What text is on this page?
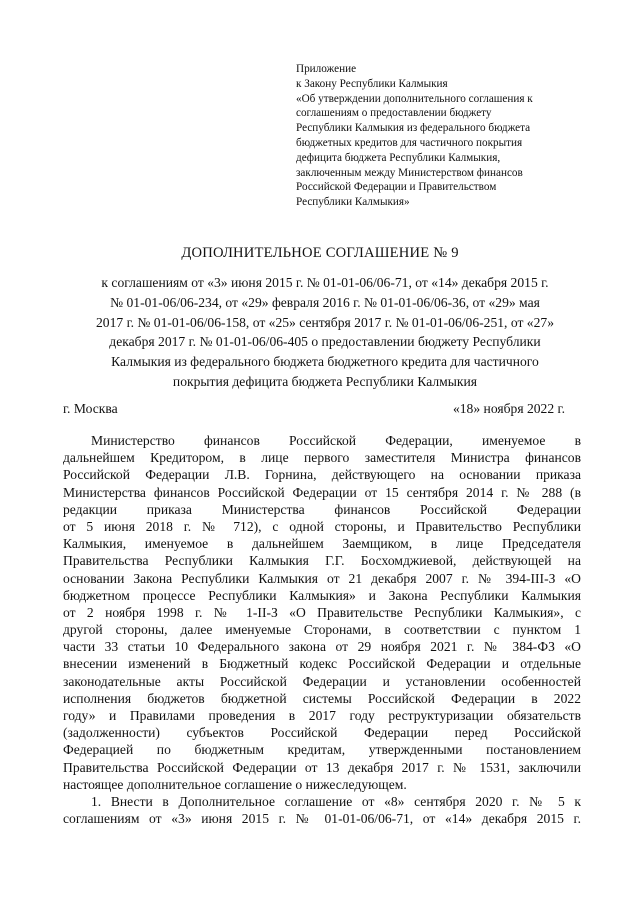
Приложение
к Закону Республики Калмыкия
«Об утверждении дополнительного соглашения к
соглашениям о предоставлении бюджету
Республики Калмыкия из федерального бюджета
бюджетных кредитов для частичного покрытия
дефицита бюджета Республики Калмыкия,
заключенным между Министерством финансов
Российской Федерации и Правительством
Республики Калмыкия»
ДОПОЛНИТЕЛЬНОЕ СОГЛАШЕНИЕ № 9
к соглашениям от «3» июня 2015 г. № 01-01-06/06-71, от «14» декабря 2015 г.
№ 01-01-06/06-234, от «29» февраля 2016 г. № 01-01-06/06-36, от «29» мая
2017 г. № 01-01-06/06-158, от «25» сентября 2017 г. № 01-01-06/06-251, от «27»
декабря 2017 г. № 01-01-06/06-405 о предоставлении бюджету Республики
Калмыкия из федерального бюджета бюджетного кредита для частичного
покрытия дефицита бюджета Республики Калмыкия
г. Москва	«18» ноября 2022 г.
Министерство финансов Российской Федерации, именуемое в
дальнейшем Кредитором, в лице первого заместителя Министра финансов
Российской Федерации Л.В. Горнина, действующего на основании приказа
Министерства финансов Российской Федерации от 15 сентября 2014 г. № 288 (в
редакции приказа Министерства финансов Российской Федерации
от 5 июня 2018 г. № 712), с одной стороны, и Правительство Республики
Калмыкия, именуемое в дальнейшем Заемщиком, в лице Председателя
Правительства Республики Калмыкия Г.Г. Босхомджиевой, действующей на
основании Закона Республики Калмыкия от 21 декабря 2007 г. № 394-III-З «О
бюджетном процессе Республики Калмыкия» и Закона Республики Калмыкия
от 2 ноября 1998 г. № 1-II-З «О Правительстве Республики Калмыкия», с
другой стороны, далее именуемые Сторонами, в соответствии с пунктом 1
части 33 статьи 10 Федерального закона от 29 ноября 2021 г. № 384-ФЗ «О
внесении изменений в Бюджетный кодекс Российской Федерации и отдельные
законодательные акты Российской Федерации и установлении особенностей
исполнения бюджетов бюджетной системы Российской Федерации в 2022
году» и Правилами проведения в 2017 году реструктуризации обязательств
(задолженности) субъектов Российской Федерации перед Российской
Федерацией по бюджетным кредитам, утвержденными постановлением
Правительства Российской Федерации от 13 декабря 2017 г. № 1531, заключили
настоящее дополнительное соглашение о нижеследующем.
1. Внести в Дополнительное соглашение от «8» сентября 2020 г. № 5 к
соглашениям от «3» июня 2015 г. № 01-01-06/06-71, от «14» декабря 2015 г.
